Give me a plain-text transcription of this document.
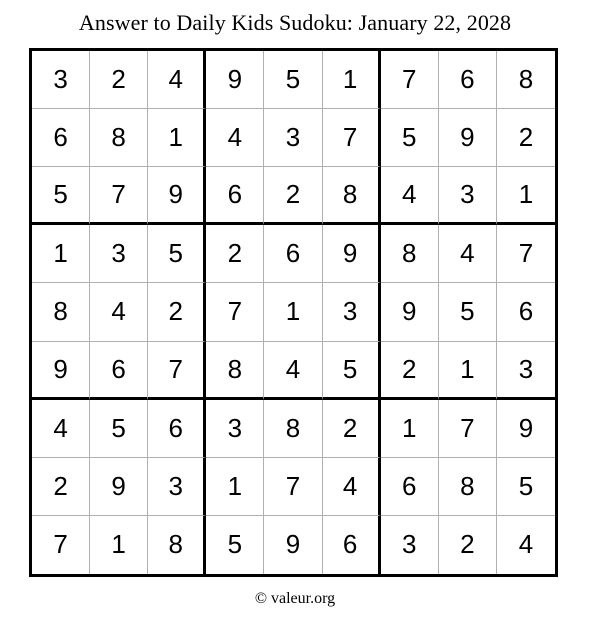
Answer to Daily Kids Sudoku: January 22, 2028
3	2	4	9	5	1	7	6	8
6	8	1	4	3	7	5	9	2
5	7	9	6	2	8	4	3	1
1	3	5	2	6	9	8	4	7
8	4	2	7	1	3	9	5	6
9	6	7	8	4	5	2	1	3
4	5	6	3	8	2	1	7	9
2	9	3	1	7	4	6	8	5
7	1	8	5	9	6	3	2	4
© valeur.org
